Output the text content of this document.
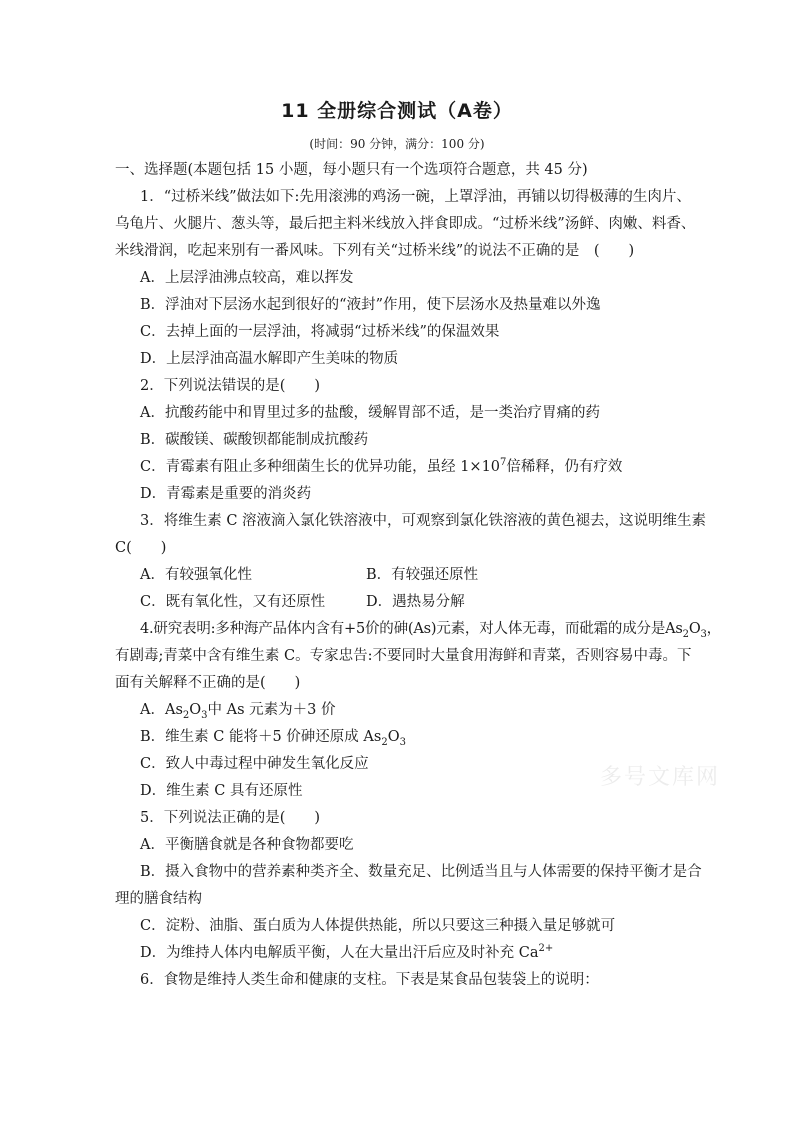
11 全册综合测试（A卷）
(时间：90 分钟，满分：100 分)
一、选择题(本题包括 15 小题，每小题只有一个选项符合题意，共 45 分)
1．“过桥米线”做法如下:先用滚沸的鸡汤一碗，上罩浮油，再铺以切得极薄的生肉片、
乌龟片、火腿片、葱头等，最后把主料米线放入拌食即成。“过桥米线”汤鲜、肉嫩、料香、
米线滑润，吃起来别有一番风味。下列有关“过桥米线”的说法不正确的是　(　　)
A．上层浮油沸点较高，难以挥发
B．浮油对下层汤水起到很好的“液封”作用，使下层汤水及热量难以外逸
C．去掉上面的一层浮油，将减弱“过桥米线”的保温效果
D．上层浮油高温水解即产生美味的物质
2．下列说法错误的是(　　)
A．抗酸药能中和胃里过多的盐酸，缓解胃部不适，是一类治疗胃痛的药
B．碳酸镁、碳酸钡都能制成抗酸药
C．青霉素有阻止多种细菌生长的优异功能，虽经 $1\times 10^7$倍稀释，仍有疗效
D．青霉素是重要的消炎药
3．将维生素 C 溶液滴入氯化铁溶液中，可观察到氯化铁溶液的黄色褪去，这说明维生素
C(　　)
A．有较强氧化性	B．有较强还原性
C．既有氧化性，又有还原性	D．遇热易分解
4.研究表明:多种海产品体内含有+5价的砷(As)元素，对人体无毒，而砒霜的成分是$As_2O_3$，
有剧毒;青菜中含有维生素 C。专家忠告:不要同时大量食用海鲜和青菜，否则容易中毒。下
面有关解释不正确的是(　　)
A．$As_2O_3$中 As 元素为＋3 价
B．维生素 C 能将＋5 价砷还原成 $As_2O_3$
C．致人中毒过程中砷发生氧化反应
D．维生素 C 具有还原性
5．下列说法正确的是(　　)
A．平衡膳食就是各种食物都要吃
B．摄入食物中的营养素种类齐全、数量充足、比例适当且与人体需要的保持平衡才是合
理的膳食结构
C．淀粉、油脂、蛋白质为人体提供热能，所以只要这三种摄入量足够就可
D．为维持人体内电解质平衡，人在大量出汗后应及时补充 $Ca^{2+}$
6．食物是维持人类生命和健康的支柱。下表是某食品包装袋上的说明：
多号文库网
